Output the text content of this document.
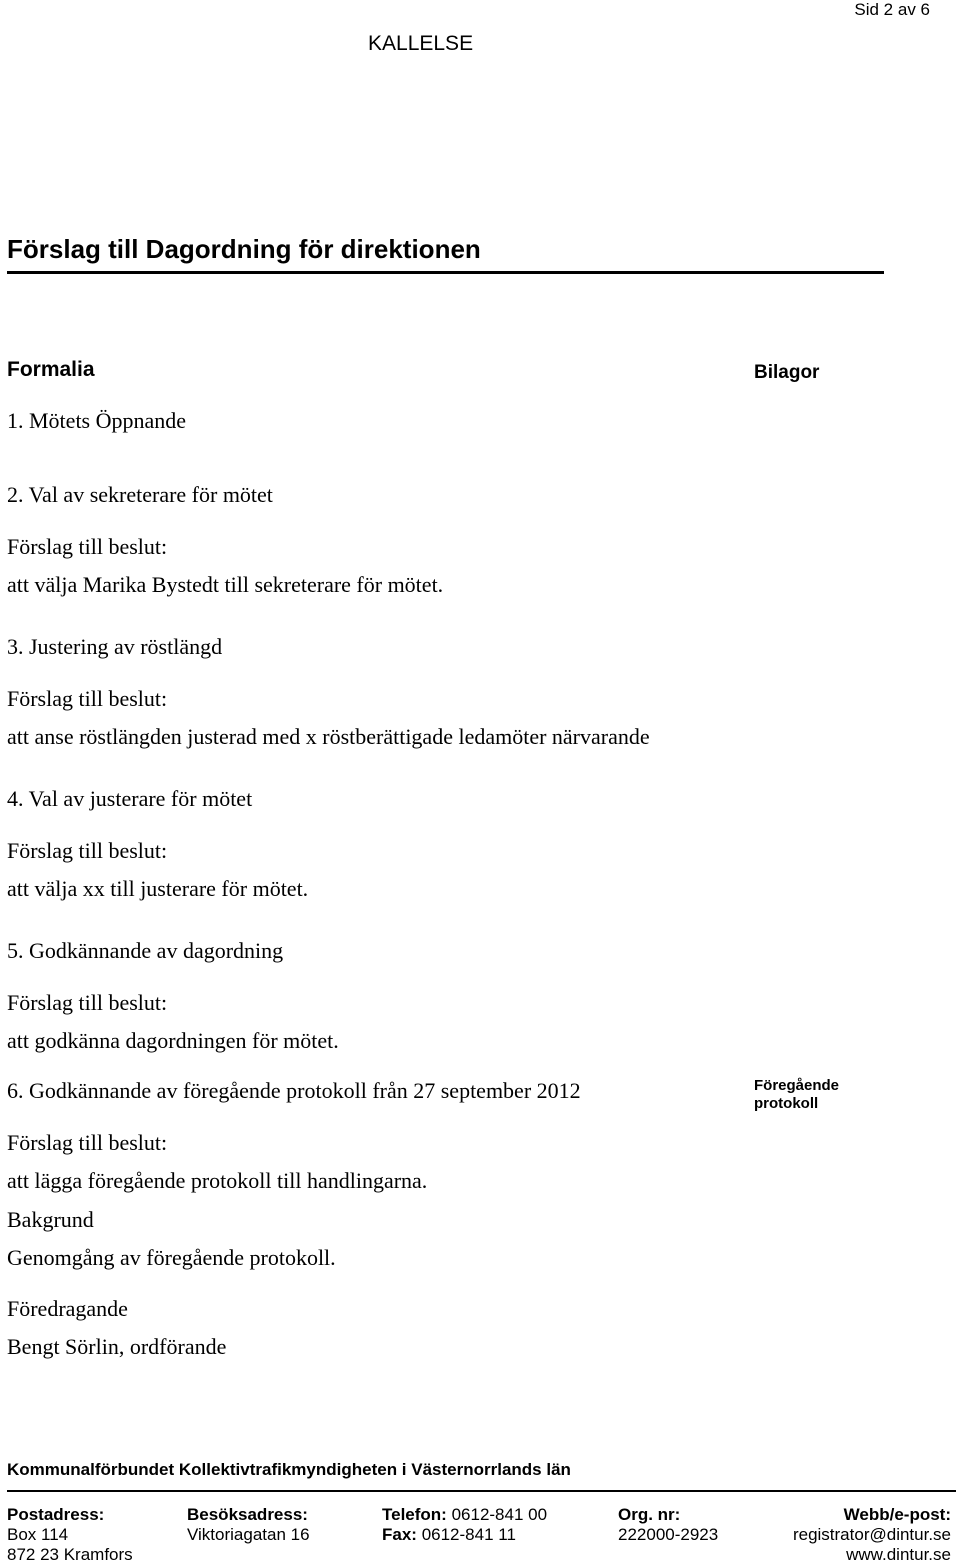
Sid 2 av 6
KALLELSE
Förslag till Dagordning för direktionen
Formalia	Bilagor
1. Mötets Öppnande
2. Val av sekreterare för mötet
Förslag till beslut:
att välja Marika Bystedt till sekreterare för mötet.
3. Justering av röstlängd
Förslag till beslut:
att anse röstlängden justerad med x röstberättigade ledamöter närvarande
4. Val av justerare för mötet
Förslag till beslut:
att välja xx till justerare för mötet.
5. Godkännande av dagordning
Förslag till beslut:
att godkänna dagordningen för mötet.
6. Godkännande av föregående protokoll från 27 september 2012	Föregående protokoll
Förslag till beslut:
att lägga föregående protokoll till handlingarna.
Bakgrund
Genomgång av föregående protokoll.
Föredragande
Bengt Sörlin, ordförande
Kommunalförbundet Kollektivtrafikmyndigheten i Västernorrlands län
Postadress:
Box 114
872 23 Kramfors
Besöksadress:
Viktoriagatan 16
Telefon: 0612-841 00
Fax: 0612-841 11
Org. nr:
222000-2923
Webb/e-post:
registrator@dintur.se
www.dintur.se
